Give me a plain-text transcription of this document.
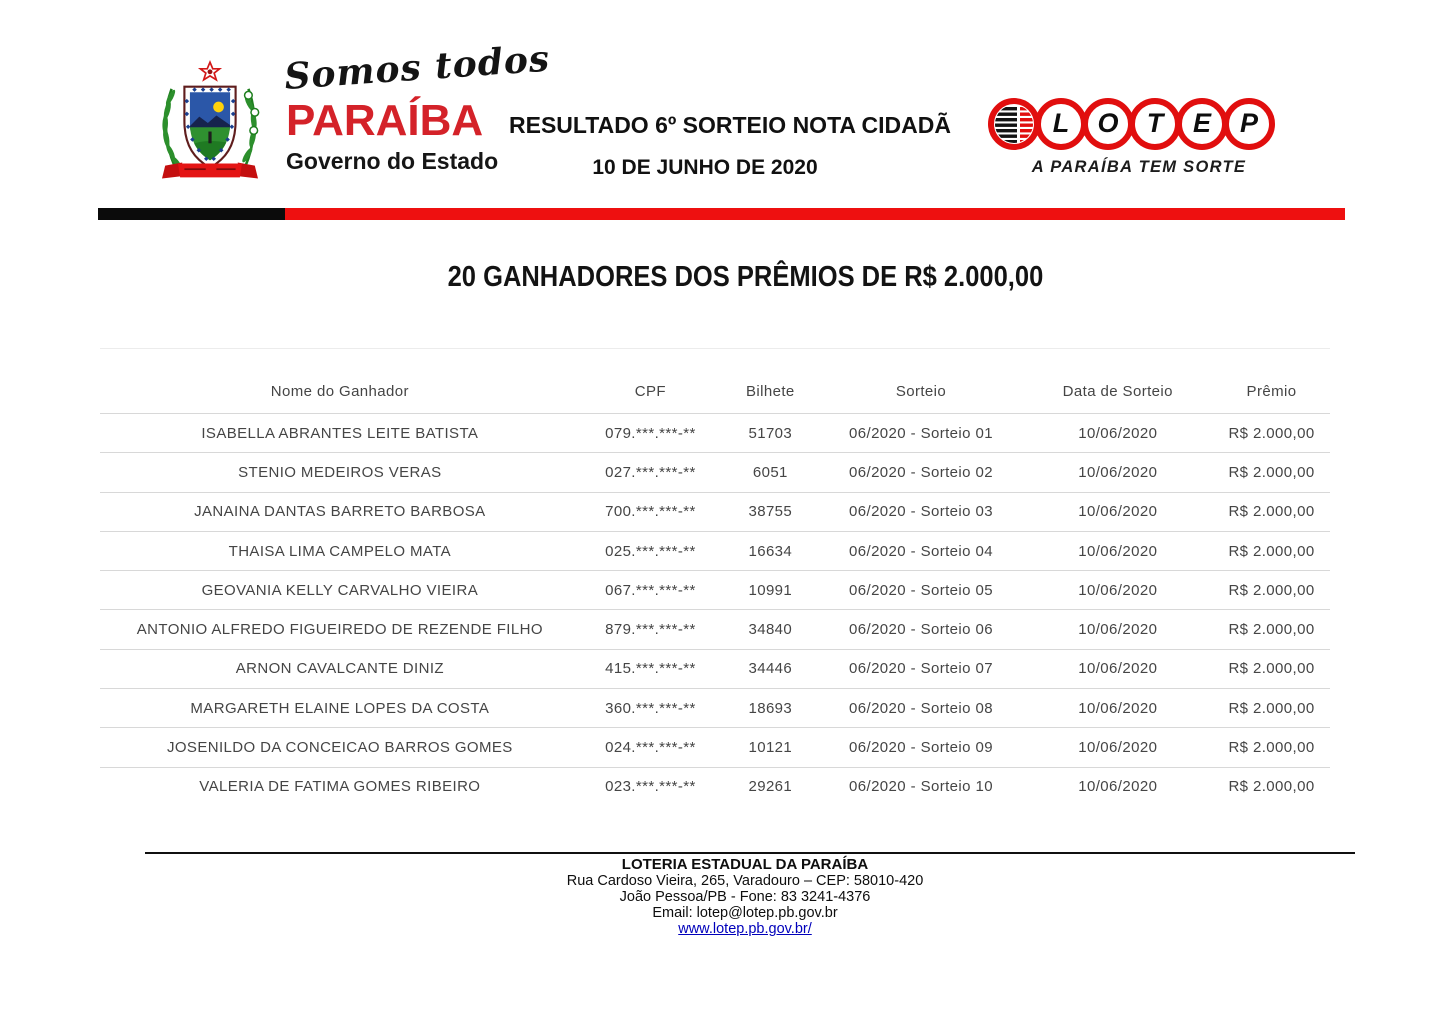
Somos todos
PARAÍBA
Governo do Estado
RESULTADO 6º SORTEIO NOTA CIDADÃ
10 DE JUNHO DE 2020
L O T E P
A PARAÍBA TEM SORTE
20 GANHADORES DOS PRÊMIOS DE R$ 2.000,00
Nome do Ganhador	CPF	Bilhete	Sorteio	Data de Sorteio	Prêmio
ISABELLA ABRANTES LEITE BATISTA	079.***.***-**	51703	06/2020 - Sorteio 01	10/06/2020	R$ 2.000,00
STENIO MEDEIROS VERAS	027.***.***-**	6051	06/2020 - Sorteio 02	10/06/2020	R$ 2.000,00
JANAINA DANTAS BARRETO BARBOSA	700.***.***-**	38755	06/2020 - Sorteio 03	10/06/2020	R$ 2.000,00
THAISA LIMA CAMPELO MATA	025.***.***-**	16634	06/2020 - Sorteio 04	10/06/2020	R$ 2.000,00
GEOVANIA KELLY CARVALHO VIEIRA	067.***.***-**	10991	06/2020 - Sorteio 05	10/06/2020	R$ 2.000,00
ANTONIO ALFREDO FIGUEIREDO DE REZENDE FILHO	879.***.***-**	34840	06/2020 - Sorteio 06	10/06/2020	R$ 2.000,00
ARNON CAVALCANTE DINIZ	415.***.***-**	34446	06/2020 - Sorteio 07	10/06/2020	R$ 2.000,00
MARGARETH ELAINE LOPES DA COSTA	360.***.***-**	18693	06/2020 - Sorteio 08	10/06/2020	R$ 2.000,00
JOSENILDO DA CONCEICAO BARROS GOMES	024.***.***-**	10121	06/2020 - Sorteio 09	10/06/2020	R$ 2.000,00
VALERIA DE FATIMA GOMES RIBEIRO	023.***.***-**	29261	06/2020 - Sorteio 10	10/06/2020	R$ 2.000,00
LOTERIA ESTADUAL DA PARAÍBA
Rua Cardoso Vieira, 265, Varadouro – CEP: 58010-420
João Pessoa/PB - Fone: 83 3241-4376
Email: lotep@lotep.pb.gov.br
www.lotep.pb.gov.br/
